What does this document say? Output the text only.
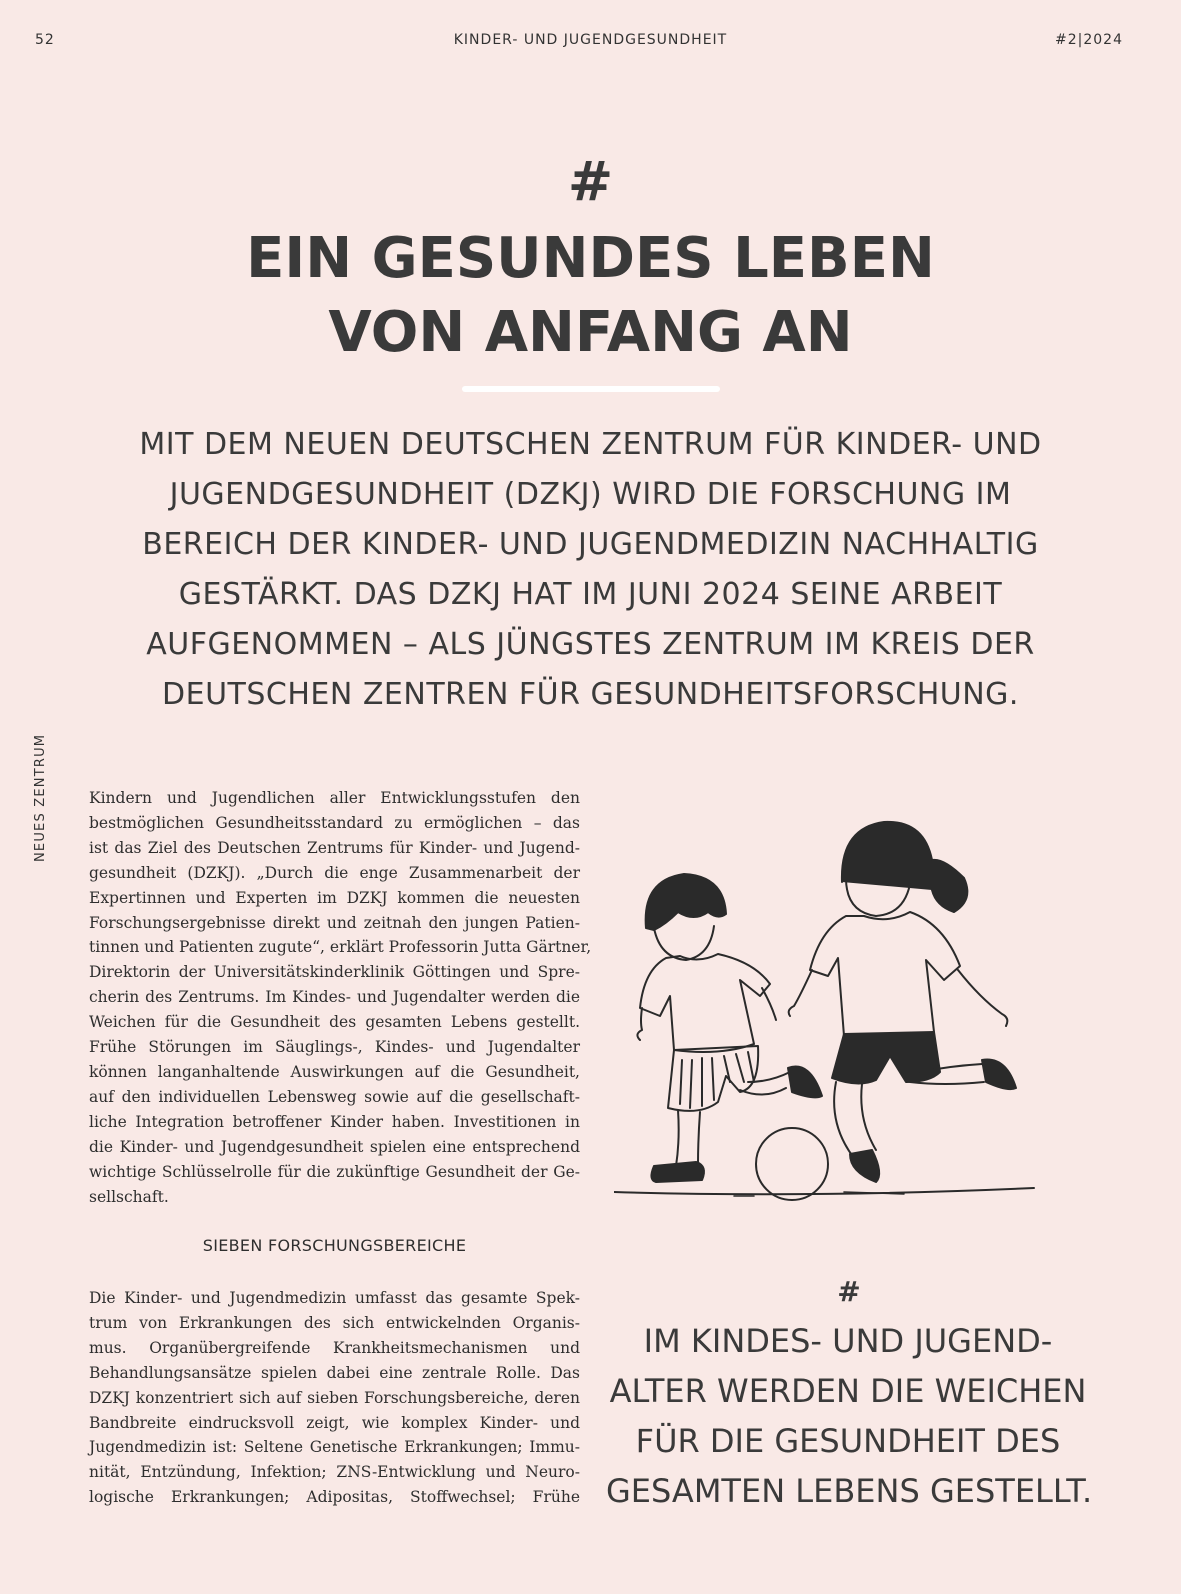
52	KINDER- UND JUGENDGESUNDHEIT	#2|2024
NEUES ZENTRUM
#
EIN GESUNDES LEBEN
VON ANFANG AN
MIT DEM NEUEN DEUTSCHEN ZENTRUM FÜR KINDER- UND
JUGENDGESUNDHEIT (DZKJ) WIRD DIE FORSCHUNG IM
BEREICH DER KINDER- UND JUGENDMEDIZIN NACHHALTIG
GESTÄRKT. DAS DZKJ HAT IM JUNI 2024 SEINE ARBEIT
AUFGENOMMEN – ALS JÜNGSTES ZENTRUM IM KREIS DER
DEUTSCHEN ZENTREN FÜR GESUNDHEITSFORSCHUNG.
Kindern und Jugendlichen aller Entwicklungsstufen den
bestmöglichen Gesundheitsstandard zu ermöglichen – das
ist das Ziel des Deutschen Zentrums für Kinder- und Jugend-
gesundheit (DZKJ). „Durch die enge Zusammenarbeit der
Expertinnen und Experten im DZKJ kommen die neuesten
Forschungsergebnisse direkt und zeitnah den jungen Patien-
tinnen und Patienten zugute“, erklärt Professorin Jutta Gärtner,
Direktorin der Universitätskinderklinik Göttingen und Spre-
cherin des Zentrums. Im Kindes- und Jugendalter werden die
Weichen für die Gesundheit des gesamten Lebens gestellt.
Frühe Störungen im Säuglings-, Kindes- und Jugendalter
können langanhaltende Auswirkungen auf die Gesundheit,
auf den individuellen Lebensweg sowie auf die gesellschaft-
liche Integration betroffener Kinder haben. Investitionen in
die Kinder- und Jugendgesundheit spielen eine entsprechend
wichtige Schlüsselrolle für die zukünftige Gesundheit der Ge-
sellschaft.
SIEBEN FORSCHUNGSBEREICHE
Die Kinder- und Jugendmedizin umfasst das gesamte Spek-
trum von Erkrankungen des sich entwickelnden Organis-
mus. Organübergreifende Krankheitsmechanismen und
Behandlungsansätze spielen dabei eine zentrale Rolle. Das
DZKJ konzentriert sich auf sieben Forschungsbereiche, deren
Bandbreite eindrucksvoll zeigt, wie komplex Kinder- und
Jugendmedizin ist: Seltene Genetische Erkrankungen; Immu-
nität, Entzündung, Infektion; ZNS-Entwicklung und Neuro-
logische Erkrankungen; Adipositas, Stoffwechsel; Frühe
#
IM KINDES- UND JUGEND-
ALTER WERDEN DIE WEICHEN
FÜR DIE GESUNDHEIT DES
GESAMTEN LEBENS GESTELLT.
